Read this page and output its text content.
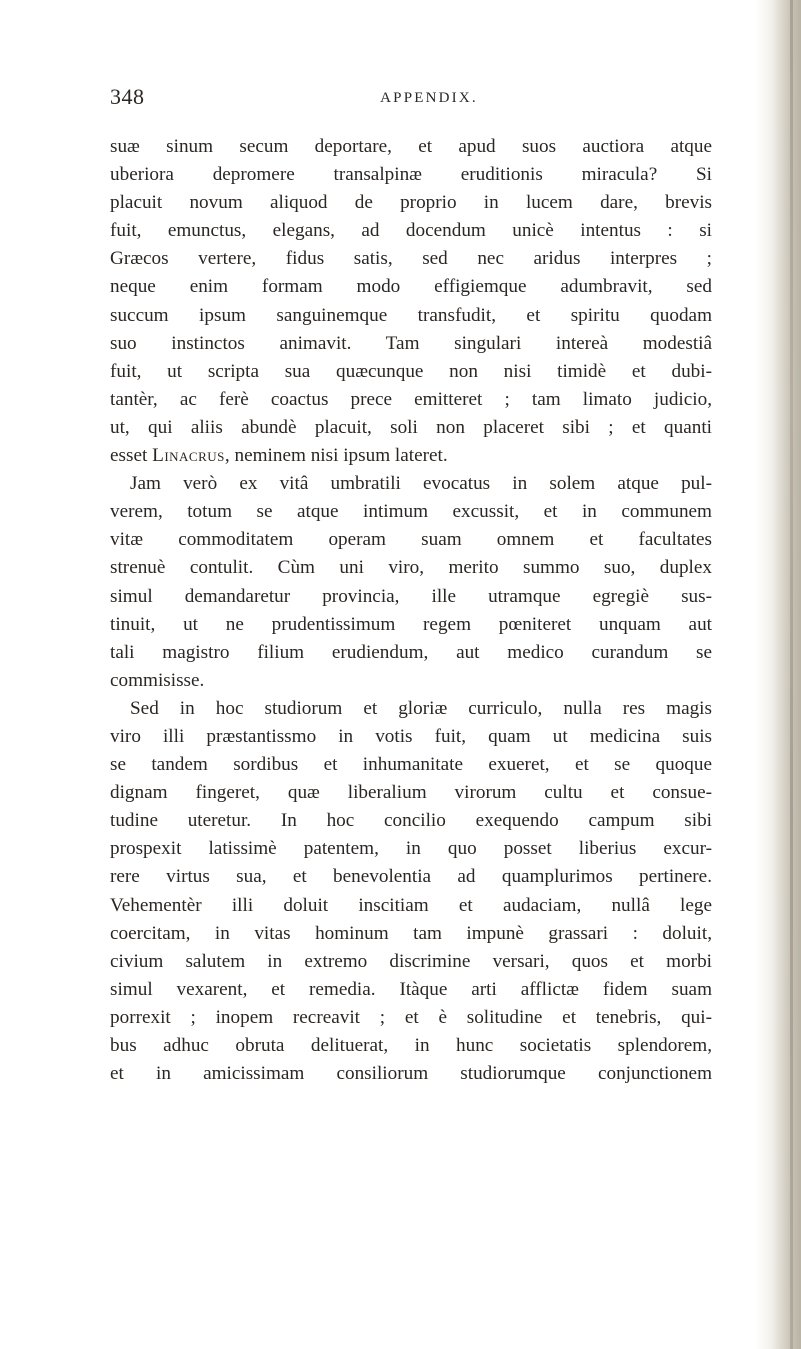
348	APPENDIX.
suæ sinum secum deportare, et apud suos auctiora atque
uberiora depromere transalpinæ eruditionis miracula? Si
placuit novum aliquod de proprio in lucem dare, brevis
fuit, emunctus, elegans, ad docendum unicè intentus : si
Græcos vertere, fidus satis, sed nec aridus interpres ;
neque enim formam modo effigiemque adumbravit, sed
succum ipsum sanguinemque transfudit, et spiritu quodam
suo instinctos animavit. Tam singulari intereà modestiâ
fuit, ut scripta sua quæcunque non nisi timidè et dubi-
tantèr, ac ferè coactus prece emitteret ; tam limato judicio,
ut, qui aliis abundè placuit, soli non placeret sibi ; et quanti
esset Linacrus, neminem nisi ipsum lateret.
Jam verò ex vitâ umbratili evocatus in solem atque pul-
verem, totum se atque intimum excussit, et in communem
vitæ commoditatem operam suam omnem et facultates
strenuè contulit. Cùm uni viro, merito summo suo, duplex
simul demandaretur provincia, ille utramque egregiè sus-
tinuit, ut ne prudentissimum regem pœniteret unquam aut
tali magistro filium erudiendum, aut medico curandum se
commisisse.
Sed in hoc studiorum et gloriæ curriculo, nulla res magis
viro illi præstantissmo in votis fuit, quam ut medicina suis
se tandem sordibus et inhumanitate exueret, et se quoque
dignam fingeret, quæ liberalium virorum cultu et consue-
tudine uteretur. In hoc concilio exequendo campum sibi
prospexit latissimè patentem, in quo posset liberius excur-
rere virtus sua, et benevolentia ad quamplurimos pertinere.
Vehementèr illi doluit inscitiam et audaciam, nullâ lege
coercitam, in vitas hominum tam impunè grassari : doluit,
civium salutem in extremo discrimine versari, quos et morbi
simul vexarent, et remedia. Itàque arti afflictæ fidem suam
porrexit ; inopem recreavit ; et è solitudine et tenebris, qui-
bus adhuc obruta delituerat, in hunc societatis splendorem,
et in amicissimam consiliorum studiorumque conjunctionem
